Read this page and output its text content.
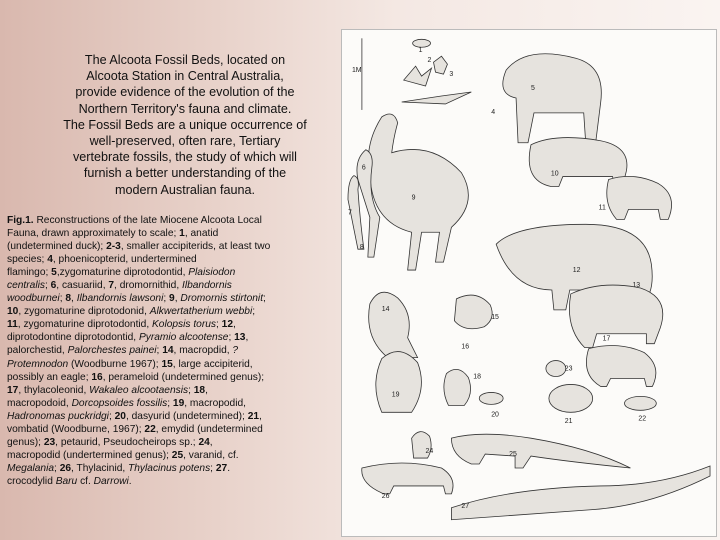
The Alcoota Fossil Beds, located on
Alcoota Station in Central Australia,
provide evidence of the evolution of the
Northern Territory's fauna and climate.
The Fossil Beds are a unique occurrence of
well-preserved, often rare, Tertiary
vertebrate fossils, the study of which will
furnish a better understanding of the
modern Australian fauna.
Fig.1. Reconstructions of the late Miocene Alcoota Local
Fauna, drawn approximately to scale; 1, anatid
(undetermined duck); 2-3, smaller accipiterids, at least two
species; 4, phoenicopterid, undertermined
flamingo; 5,zygomaturine diprotodontid, Plaisiodon
centralis; 6, casuariid, 7, dromornithid, Ilbandornis
woodburnei; 8, Ilbandornis lawsoni; 9, Dromornis stirtonit;
10, zygomaturine diprotodonid, Alkwertatherium webbi;
11, zygomaturine diprotodontid, Kolopsis torus; 12,
diprotodontine diprotodontid, Pyramio alcootense; 13,
palorchestid, Palorchestes painei; 14, macropdid, ?
Protemnodon (Woodburne 1967); 15, large accipiterid,
possibly an eagle; 16, perameloid (undetermined genus);
17, thylacoleonid, Wakaleo alcootaensis; 18,
macropodoid, Dorcopsoides fossilis; 19, macropodid,
Hadronomas puckridgi; 20, dasyurid (undetermined); 21,
vombatid (Woodburne, 1967); 22, emydid (undetermined
genus); 23, petaurid, Pseudocheirops sp.; 24,
macropodid (undertermined genus); 25, varanid, cf.
Megalania; 26, Thylacinid, Thylacinus potens; 27.
crocodylid Baru cf. Darrowi.
1M
1
2
3
4
5
6
7
8
9
10
11
12
13
14
15
16
17
18
19
20
21	22
23
24	25
26
27
